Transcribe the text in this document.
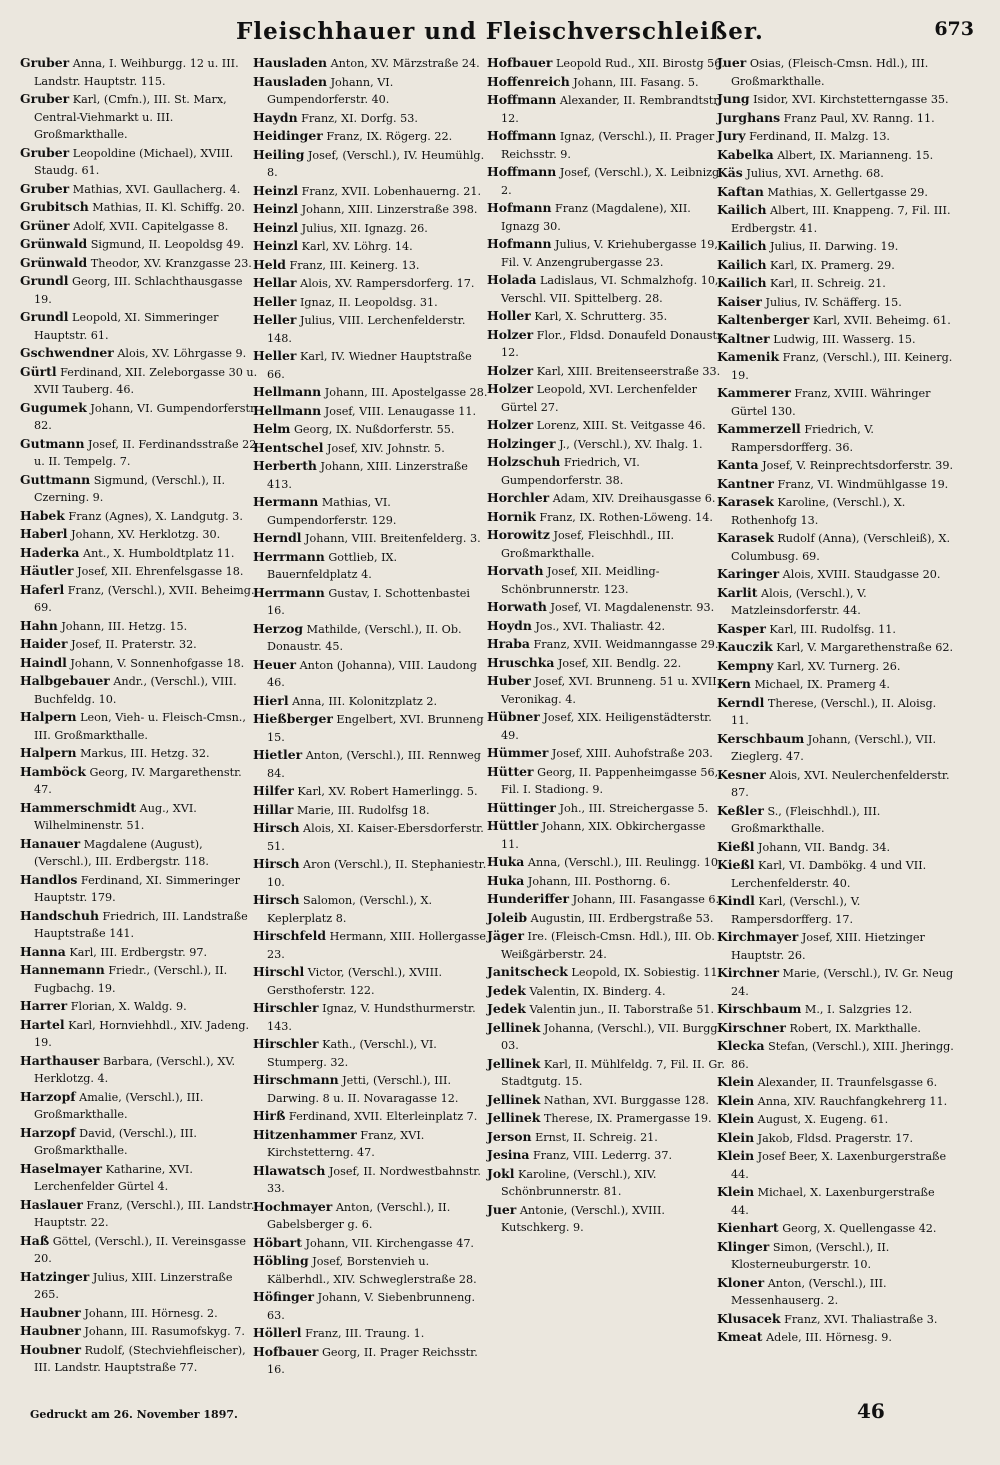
Fleischhauer und Fleischverschleißer.	673
Gruber Anna, I. Weihburgg. 12 u. III. Landstr. Hauptstr. 115.
Gruber Karl, (Cmfn.), III. St. Marx, Central-Viehmarkt u. III. Großmarkthalle.
Gruber Leopoldine (Michael), XVIII. Staudg. 61.
Gruber Mathias, XVI. Gaullacherg. 4.
Grubitsch Mathias, II. Kl. Schiffg. 20.
Grüner Adolf, XVII. Capitelgasse 8.
Grünwald Sigmund, II. Leopoldsg 49.
Grünwald Theodor, XV. Kranzgasse 23.
Grundl Georg, III. Schlachthausgasse 19.
Grundl Leopold, XI. Simmeringer Hauptstr. 61.
Gschwendner Alois, XV. Löhrgasse 9.
Gürtl Ferdinand, XII. Zeleborgasse 30 u. XVII Tauberg. 46.
Gugumek Johann, VI. Gumpendorferstr. 82.
Gutmann Josef, II. Ferdinandsstraße 22 u. II. Tempelg. 7.
Guttmann Sigmund, (Verschl.), II. Czerning. 9.
Habek Franz (Agnes), X. Landgutg. 3.
Haberl Johann, XV. Herklotzg. 30.
Haderka Ant., X. Humboldtplatz 11.
Häutler Josef, XII. Ehrenfelsgasse 18.
Haferl Franz, (Verschl.), XVII. Beheimg. 69.
Hahn Johann, III. Hetzg. 15.
Haider Josef, II. Praterstr. 32.
Haindl Johann, V. Sonnenhofgasse 18.
Halbgebauer Andr., (Verschl.), VIII. Buchfeldg. 10.
Halpern Leon, Vieh- u. Fleisch-Cmsn., III. Großmarkthalle.
Halpern Markus, III. Hetzg. 32.
Hamböck Georg, IV. Margarethenstr. 47.
Hammerschmidt Aug., XVI. Wilhelminenstr. 51.
Hanauer Magdalene (August), (Verschl.), III. Erdbergstr. 118.
Handlos Ferdinand, XI. Simmeringer Hauptstr. 179.
Handschuh Friedrich, III. Landstraße Hauptstraße 141.
Hanna Karl, III. Erdbergstr. 97.
Hannemann Friedr., (Verschl.), II. Fugbachg. 19.
Harrer Florian, X. Waldg. 9.
Hartel Karl, Hornviehhdl., XIV. Jadeng. 19.
Harthauser Barbara, (Verschl.), XV. Herklotzg. 4.
Harzopf Amalie, (Verschl.), III. Großmarkthalle.
Harzopf David, (Verschl.), III. Großmarkthalle.
Haselmayer Katharine, XVI. Lerchenfelder Gürtel 4.
Haslauer Franz, (Verschl.), III. Landstr. Hauptstr. 22.
Haß Göttel, (Verschl.), II. Vereinsgasse 20.
Hatzinger Julius, XIII. Linzerstraße 265.
Haubner Johann, III. Hörnesg. 2.
Haubner Johann, III. Rasumofskyg. 7.
Houbner Rudolf, (Stechviehfleischer), III. Landstr. Hauptstraße 77.
Hausladen Anton, XV. Märzstraße 24.
Hausladen Johann, VI. Gumpendorferstr. 40.
Haydn Franz, XI. Dorfg. 53.
Heidinger Franz, IX. Rögerg. 22.
Heiling Josef, (Verschl.), IV. Heumühlg. 8.
Heinzl Franz, XVII. Lobenhauerng. 21.
Heinzl Johann, XIII. Linzerstraße 398.
Heinzl Julius, XII. Ignazg. 26.
Heinzl Karl, XV. Löhrg. 14.
Held Franz, III. Keinerg. 13.
Hellar Alois, XV. Rampersdorferg. 17.
Heller Ignaz, II. Leopoldsg. 31.
Heller Julius, VIII. Lerchenfelderstr. 148.
Heller Karl, IV. Wiedner Hauptstraße 66.
Hellmann Johann, III. Apostelgasse 28.
Hellmann Josef, VIII. Lenaugasse 11.
Helm Georg, IX. Nußdorferstr. 55.
Hentschel Josef, XIV. Johnstr. 5.
Herberth Johann, XIII. Linzerstraße 413.
Hermann Mathias, VI. Gumpendorferstr. 129.
Herndl Johann, VIII. Breitenfelderg. 3.
Herrmann Gottlieb, IX. Bauernfeldplatz 4.
Herrmann Gustav, I. Schottenbastei 16.
Herzog Mathilde, (Verschl.), II. Ob. Donaustr. 45.
Heuer Anton (Johanna), VIII. Laudong 46.
Hierl Anna, III. Kolonitzplatz 2.
Hießberger Engelbert, XVI. Brunneng 15.
Hietler Anton, (Verschl.), III. Rennweg 84.
Hilfer Karl, XV. Robert Hamerlingg. 5.
Hillar Marie, III. Rudolfsg 18.
Hirsch Alois, XI. Kaiser-Ebersdorferstr. 51.
Hirsch Aron (Verschl.), II. Stephaniestr. 10.
Hirsch Salomon, (Verschl.), X. Keplerplatz 8.
Hirschfeld Hermann, XIII. Hollergasse 23.
Hirschl Victor, (Verschl.), XVIII. Gersthoferstr. 122.
Hirschler Ignaz, V. Hundsthurmerstr. 143.
Hirschler Kath., (Verschl.), VI. Stumperg. 32.
Hirschmann Jetti, (Verschl.), III. Darwing. 8 u. II. Novaragasse 12.
Hirß Ferdinand, XVII. Elterleinplatz 7.
Hitzenhammer Franz, XVI. Kirchstetterng. 47.
Hlawatsch Josef, II. Nordwestbahnstr. 33.
Hochmayer Anton, (Verschl.), II. Gabelsberger g. 6.
Höbart Johann, VII. Kirchengasse 47.
Höbling Josef, Borstenvieh u. Kälberhdl., XIV. Schweglerstraße 28.
Höfinger Johann, V. Siebenbrunneng. 63.
Höllerl Franz, III. Traung. 1.
Hofbauer Georg, II. Prager Reichsstr. 16.
Hofbauer Leopold Rud., XII. Birostg 56.
Hoffenreich Johann, III. Fasang. 5.
Hoffmann Alexander, II. Rembrandtstr. 12.
Hoffmann Ignaz, (Verschl.), II. Prager Reichsstr. 9.
Hoffmann Josef, (Verschl.), X. Leibnizg. 2.
Hofmann Franz (Magdalene), XII. Ignazg 30.
Hofmann Julius, V. Kriehubergasse 19, Fil. V. Anzengrubergasse 23.
Holada Ladislaus, VI. Schmalzhofg. 10, Verschl. VII. Spittelberg. 28.
Holler Karl, X. Schrutterg. 35.
Holzer Flor., Fldsd. Donaufeld Donaustr. 12.
Holzer Karl, XIII. Breitenseerstraße 33.
Holzer Leopold, XVI. Lerchenfelder Gürtel 27.
Holzer Lorenz, XIII. St. Veitgasse 46.
Holzinger J., (Verschl.), XV. Ihalg. 1.
Holzschuh Friedrich, VI. Gumpendorferstr. 38.
Horchler Adam, XIV. Dreihausgasse 6.
Hornik Franz, IX. Rothen-Löweng. 14.
Horowitz Josef, Fleischhdl., III. Großmarkthalle.
Horvath Josef, XII. Meidling-Schönbrunnerstr. 123.
Horwath Josef, VI. Magdalenenstr. 93.
Hoydn Jos., XVI. Thaliastr. 42.
Hraba Franz, XVII. Weidmanngasse 29.
Hruschka Josef, XII. Bendlg. 22.
Huber Josef, XVI. Brunneng. 51 u. XVII. Veronikag. 4.
Hübner Josef, XIX. Heiligenstädterstr. 49.
Hümmer Josef, XIII. Auhofstraße 203.
Hütter Georg, II. Pappenheimgasse 56, Fil. I. Stadiong. 9.
Hüttinger Joh., III. Streichergasse 5.
Hüttler Johann, XIX. Obkirchergasse 11.
Huka Anna, (Verschl.), III. Reulingg. 10.
Huka Johann, III. Posthorng. 6.
Hunderiffer Johann, III. Fasangasse 6.
Joleib Augustin, III. Erdbergstraße 53.
Jäger Ire. (Fleisch-Cmsn. Hdl.), III. Ob. Weißgärberstr. 24.
Janitscheck Leopold, IX. Sobiestig. 11.
Jedek Valentin, IX. Binderg. 4.
Jedek Valentin jun., II. Taborstraße 51.
Jellinek Johanna, (Verschl.), VII. Burgg. 03.
Jellinek Karl, II. Mühlfeldg. 7, Fil. II. Gr. Stadtgutg. 15.
Jellinek Nathan, XVI. Burggasse 128.
Jellinek Therese, IX. Pramergasse 19.
Jerson Ernst, II. Schreig. 21.
Jesina Franz, VIII. Lederrg. 37.
Jokl Karoline, (Verschl.), XIV. Schönbrunnerstr. 81.
Juer Antonie, (Verschl.), XVIII. Kutschkerg. 9.
Juer Osias, (Fleisch-Cmsn. Hdl.), III. Großmarkthalle.
Jung Isidor, XVI. Kirchstetterngasse 35.
Jurghans Franz Paul, XV. Ranng. 11.
Jury Ferdinand, II. Malzg. 13.
Kabelka Albert, IX. Marianneng. 15.
Käs Julius, XVI. Arnethg. 68.
Kaftan Mathias, X. Gellertgasse 29.
Kailich Albert, III. Knappeng. 7, Fil. III. Erdbergstr. 41.
Kailich Julius, II. Darwing. 19.
Kailich Karl, IX. Pramerg. 29.
Kailich Karl, II. Schreig. 21.
Kaiser Julius, IV. Schäfferg. 15.
Kaltenberger Karl, XVII. Beheimg. 61.
Kaltner Ludwig, III. Wasserg. 15.
Kamenik Franz, (Verschl.), III. Keinerg. 19.
Kammerer Franz, XVIII. Währinger Gürtel 130.
Kammerzell Friedrich, V. Rampersdorfferg. 36.
Kanta Josef, V. Reinprechtsdorferstr. 39.
Kantner Franz, VI. Windmühlgasse 19.
Karasek Karoline, (Verschl.), X. Rothenhofg 13.
Karasek Rudolf (Anna), (Verschleiß), X. Columbusg. 69.
Karinger Alois, XVIII. Staudgasse 20.
Karlit Alois, (Verschl.), V. Matzleinsdorferstr. 44.
Kasper Karl, III. Rudolfsg. 11.
Kauczik Karl, V. Margarethenstraße 62.
Kempny Karl, XV. Turnerg. 26.
Kern Michael, IX. Pramerg 4.
Kerndl Therese, (Verschl.), II. Aloisg. 11.
Kerschbaum Johann, (Verschl.), VII. Zieglerg. 47.
Kesner Alois, XVI. Neulerchenfelderstr. 87.
Keßler S., (Fleischhdl.), III. Großmarkthalle.
Kießl Johann, VII. Bandg. 34.
Kießl Karl, VI. Dambökg. 4 und VII. Lerchenfelderstr. 40.
Kindl Karl, (Verschl.), V. Rampersdorfferg. 17.
Kirchmayer Josef, XIII. Hietzinger Hauptstr. 26.
Kirchner Marie, (Verschl.), IV. Gr. Neug 24.
Kirschbaum M., I. Salzgries 12.
Kirschner Robert, IX. Markthalle.
Klecka Stefan, (Verschl.), XIII. Jheringg. 86.
Klein Alexander, II. Traunfelsgasse 6.
Klein Anna, XIV. Rauchfangkehrerg 11.
Klein August, X. Eugeng. 61.
Klein Jakob, Fldsd. Pragerstr. 17.
Klein Josef Beer, X. Laxenburgerstraße 44.
Klein Michael, X. Laxenburgerstraße 44.
Kienhart Georg, X. Quellengasse 42.
Klinger Simon, (Verschl.), II. Klosterneuburgerstr. 10.
Kloner Anton, (Verschl.), III. Messenhauserg. 2.
Klusacek Franz, XVI. Thaliastraße 3.
Kmeat Adele, III. Hörnesg. 9.
Gedruckt am 26. November 1897.	46
